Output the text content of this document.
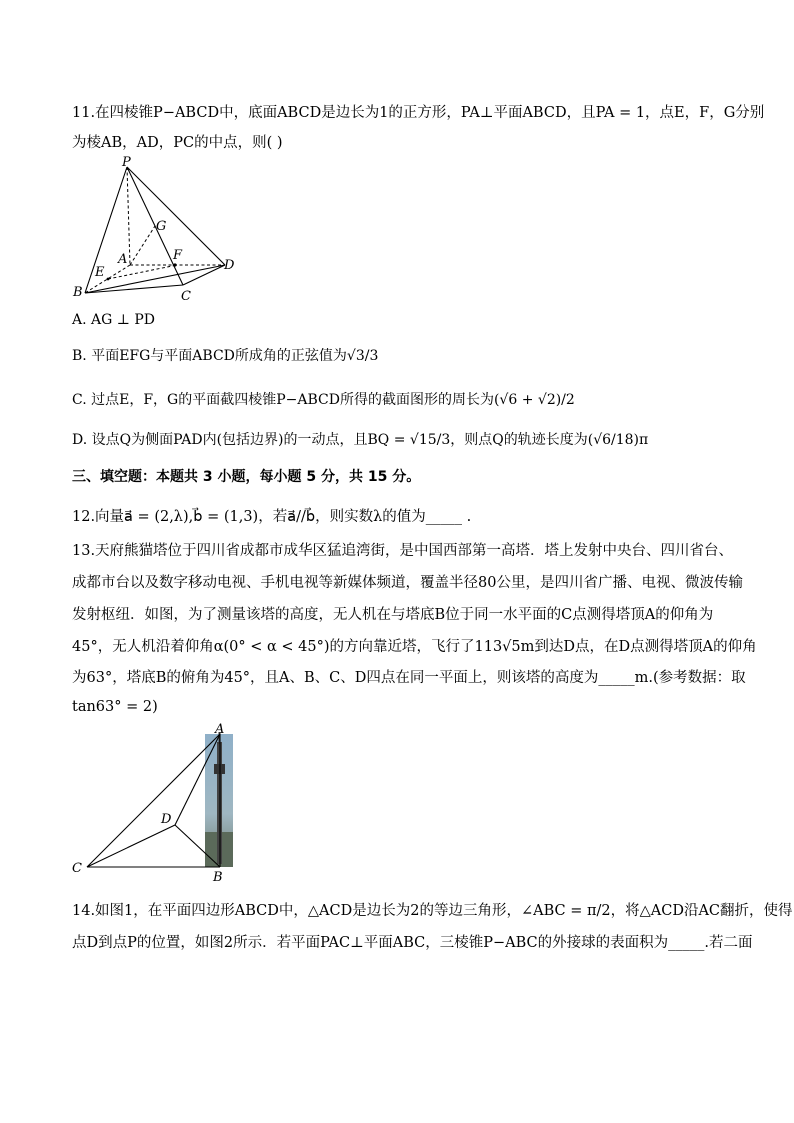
11.在四棱锥P−ABCD中，底面ABCD是边长为1的正方形，PA⊥平面ABCD，且PA = 1，点E，F，G分别
为棱AB，AD，PC的中点，则( )
P
G
A	F
D
E
B	C
A. AG ⊥ PD
B. 平面EFG与平面ABCD所成角的正弦值为√3/3
C. 过点E，F，G的平面截四棱锥P−ABCD所得的截面图形的周长为(√6 + √2)/2
D. 设点Q为侧面PAD内(包括边界)的一动点，且BQ = √15/3，则点Q的轨迹长度为(√6/18)π
三、填空题：本题共 3 小题，每小题 5 分，共 15 分。
12.向量a⃗ = (2,λ),b⃗ = (1,3)，若a⃗//b⃗，则实数λ的值为_____ .
13.天府熊猫塔位于四川省成都市成华区猛追湾街，是中国西部第一高塔．塔上发射中央台、四川省台、
成都市台以及数字移动电视、手机电视等新媒体频道，覆盖半径80公里，是四川省广播、电视、微波传输
发射枢纽．如图，为了测量该塔的高度，无人机在与塔底B位于同一水平面的C点测得塔顶A的仰角为
45°，无人机沿着仰角α(0° < α < 45°)的方向靠近塔，飞行了113√5m到达D点，在D点测得塔顶A的仰角
为63°，塔底B的俯角为45°，且A、B、C、D四点在同一平面上，则该塔的高度为_____m.(参考数据：取
tan63° = 2)
A
D
C
B
14.如图1，在平面四边形ABCD中，△ACD是边长为2的等边三角形，∠ABC = π/2，将△ACD沿AC翻折，使得
点D到点P的位置，如图2所示．若平面PAC⊥平面ABC，三棱锥P−ABC的外接球的表面积为_____.若二面
